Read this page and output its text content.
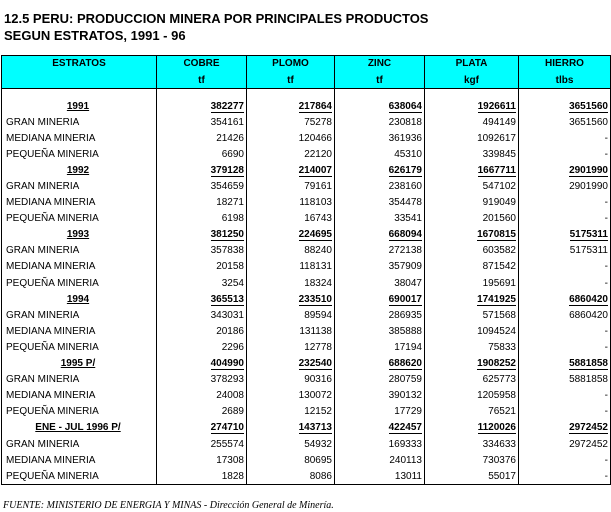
12.5 PERU: PRODUCCION MINERA POR PRINCIPALES PRODUCTOS
SEGUN ESTRATOS, 1991 - 96
ESTRATOS	COBRE	PLOMO	ZINC	PLATA	HIERRO
	tf	tf	tf	kgf	tlbs

1991	382277	217864	638064	1926611	3651560
GRAN MINERIA	354161	75278	230818	494149	3651560
MEDIANA MINERIA	21426	120466	361936	1092617	-
PEQUEÑA MINERIA	6690	22120	45310	339845	-
1992	379128	214007	626179	1667711	2901990
GRAN MINERIA	354659	79161	238160	547102	2901990
MEDIANA MINERIA	18271	118103	354478	919049	-
PEQUEÑA MINERIA	6198	16743	33541	201560	-
1993	381250	224695	668094	1670815	5175311
GRAN MINERIA	357838	88240	272138	603582	5175311
MEDIANA MINERIA	20158	118131	357909	871542	-
PEQUEÑA MINERIA	3254	18324	38047	195691	-
1994	365513	233510	690017	1741925	6860420
GRAN MINERIA	343031	89594	286935	571568	6860420
MEDIANA MINERIA	20186	131138	385888	1094524	-
PEQUEÑA MINERIA	2296	12778	17194	75833	-
1995 P/	404990	232540	688620	1908252	5881858
GRAN MINERIA	378293	90316	280759	625773	5881858
MEDIANA MINERIA	24008	130072	390132	1205958	-
PEQUEÑA MINERIA	2689	12152	17729	76521	-
ENE - JUL 1996 P/	274710	143713	422457	1120026	2972452
GRAN MINERIA	255574	54932	169333	334633	2972452
MEDIANA MINERIA	17308	80695	240113	730376	-
PEQUEÑA MINERIA	1828	8086	13011	55017	-
FUENTE: MINISTERIO DE ENERGIA Y MINAS - Dirección General de Minería.
